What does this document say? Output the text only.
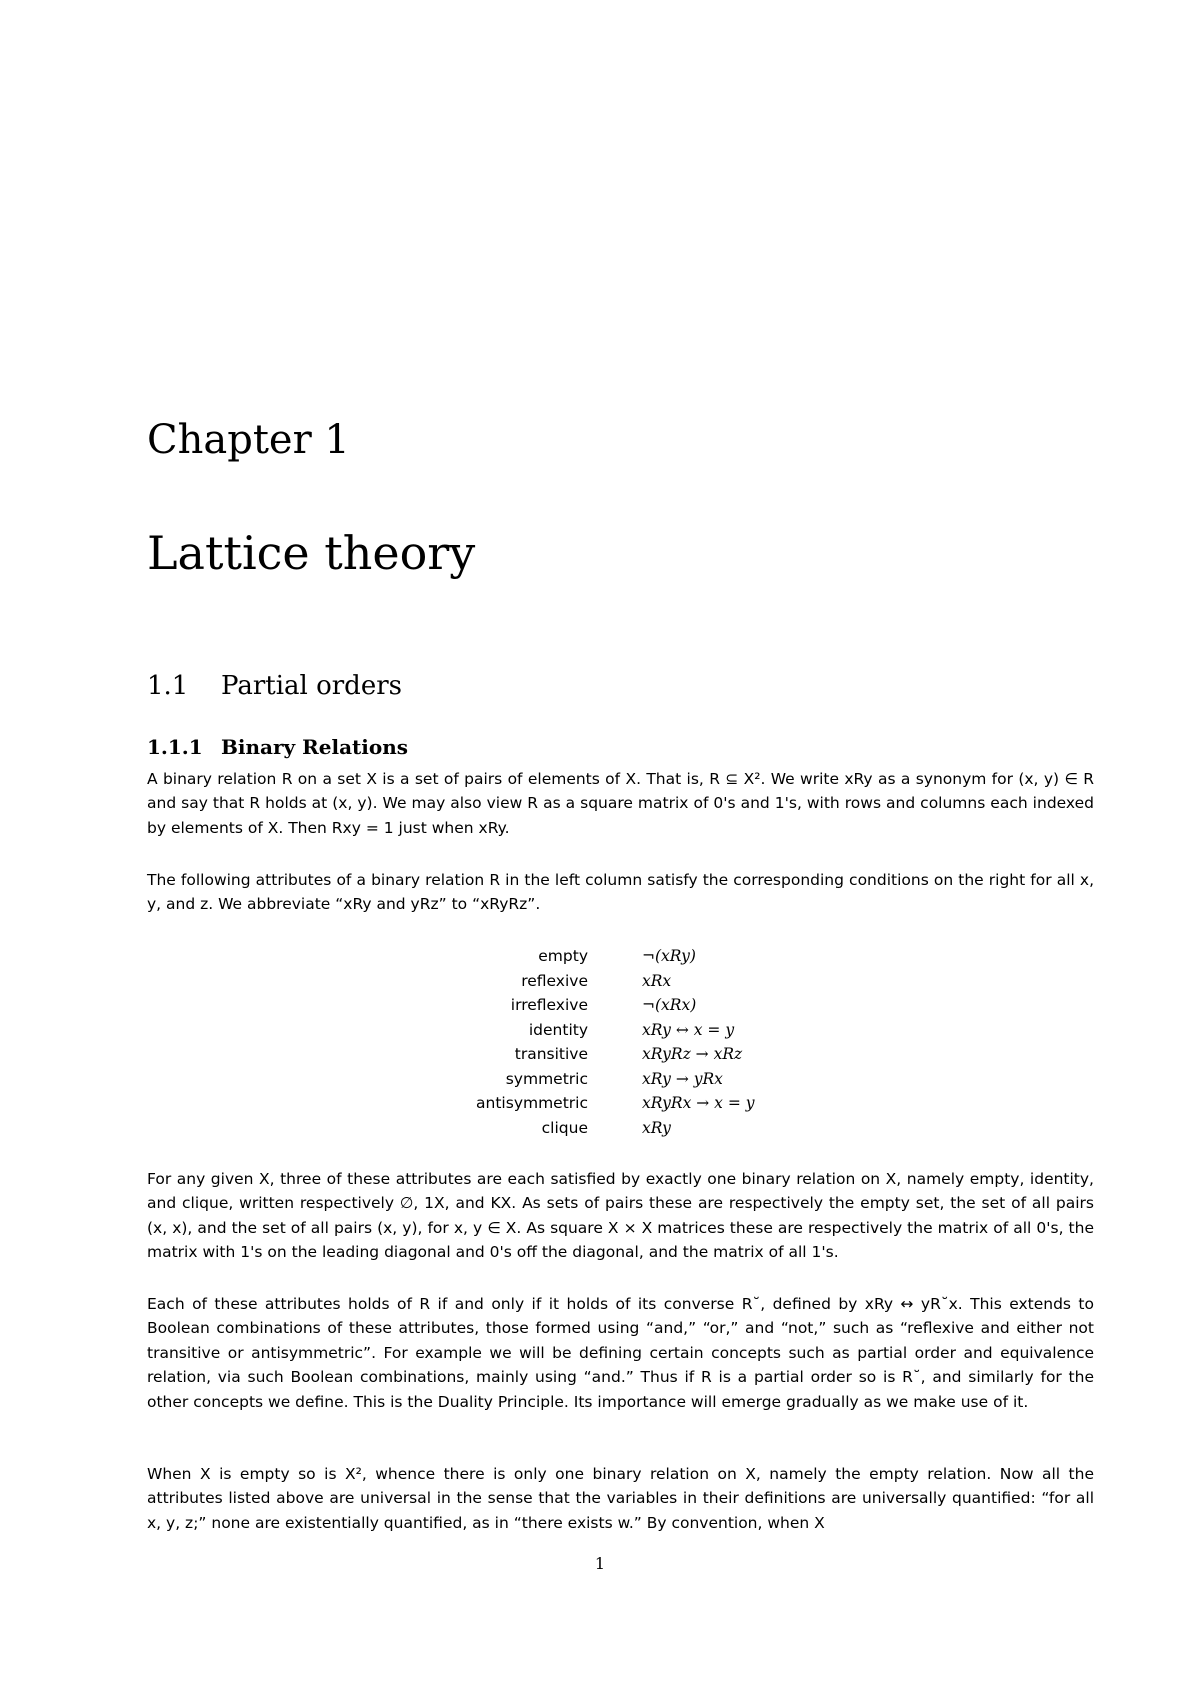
Chapter 1
Lattice theory
1.1 Partial orders
1.1.1 Binary Relations

A binary relation R on a set X is a set of pairs of elements of X. That is, R ⊆ X². We write xRy as a synonym for (x, y) ∈ R and say that R holds at (x, y). We may also view R as a square matrix of 0's and 1's, with rows and columns each indexed by elements of X. Then Rxy = 1 just when xRy.

The following attributes of a binary relation R in the left column satisfy the corresponding conditions on the right for all x, y, and z. We abbreviate “xRy and yRz” to “xRyRz”.

empty	¬(xRy)
reflexive	xRx
irreflexive	¬(xRx)
identity	xRy ↔ x = y
transitive	xRyRz → xRz
symmetric	xRy → yRx
antisymmetric	xRyRx → x = y
clique	xRy

For any given X, three of these attributes are each satisfied by exactly one binary relation on X, namely empty, identity, and clique, written respectively ∅, 1X, and KX. As sets of pairs these are respectively the empty set, the set of all pairs (x, x), and the set of all pairs (x, y), for x, y ∈ X. As square X × X matrices these are respectively the matrix of all 0's, the matrix with 1's on the leading diagonal and 0's off the diagonal, and the matrix of all 1's.

Each of these attributes holds of R if and only if it holds of its converse R˘, defined by xRy ↔ yR˘x. This extends to Boolean combinations of these attributes, those formed using “and,” “or,” and “not,” such as “reflexive and either not transitive or antisymmetric”. For example we will be defining certain concepts such as partial order and equivalence relation, via such Boolean combinations, mainly using “and.” Thus if R is a partial order so is R˘, and similarly for the other concepts we define. This is the Duality Principle. Its importance will emerge gradually as we make use of it.

When X is empty so is X², whence there is only one binary relation on X, namely the empty relation. Now all the attributes listed above are universal in the sense that the variables in their definitions are universally quantified: “for all x, y, z;” none are existentially quantified, as in “there exists w.” By convention, when X

1
